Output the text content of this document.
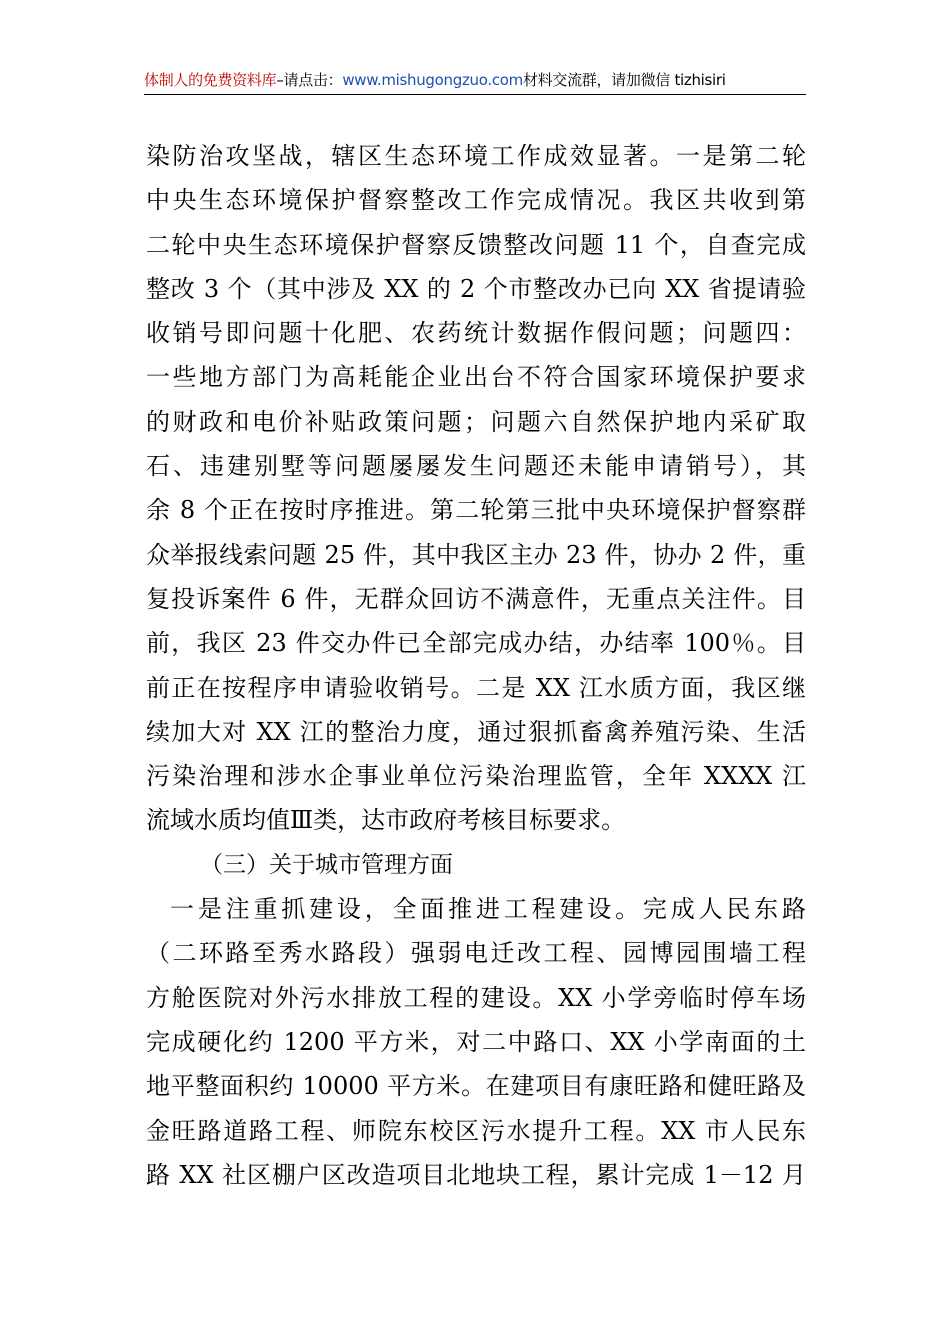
体制人的免费资料库–请点击：www.mishugongzuo.com材料交流群，请加微信 tizhisiri
染防治攻坚战，辖区生态环境工作成效显著。一是第二轮
中央生态环境保护督察整改工作完成情况。我区共收到第
二轮中央生态环境保护督察反馈整改问题 11 个，自查完成
整改 3 个（其中涉及 XX 的 2 个市整改办已向 XX 省提请验
收销号即问题十化肥、农药统计数据作假问题；问题四：
一些地方部门为高耗能企业出台不符合国家环境保护要求
的财政和电价补贴政策问题；问题六自然保护地内采矿取
石、违建别墅等问题屡屡发生问题还未能申请销号），其
余 8 个正在按时序推进。第二轮第三批中央环境保护督察群
众举报线索问题 25 件，其中我区主办 23 件，协办 2 件，重
复投诉案件 6 件，无群众回访不满意件，无重点关注件。目
前，我区 23 件交办件已全部完成办结，办结率 100％。目
前正在按程序申请验收销号。二是 XX 江水质方面，我区继
续加大对 XX 江的整治力度，通过狠抓畜禽养殖污染、生活
污染治理和涉水企事业单位污染治理监管，全年 XXXX 江
流域水质均值Ⅲ类，达市政府考核目标要求。
（三）关于城市管理方面
一是注重抓建设，全面推进工程建设。完成人民东路
（二环路至秀水路段）强弱电迁改工程、园博园围墙工程
方舱医院对外污水排放工程的建设。XX 小学旁临时停车场
完成硬化约 1200 平方米，对二中路口、XX 小学南面的土
地平整面积约 10000 平方米。在建项目有康旺路和健旺路及
金旺路道路工程、师院东校区污水提升工程。XX 市人民东
路 XX 社区棚户区改造项目北地块工程，累计完成 1－12 月
